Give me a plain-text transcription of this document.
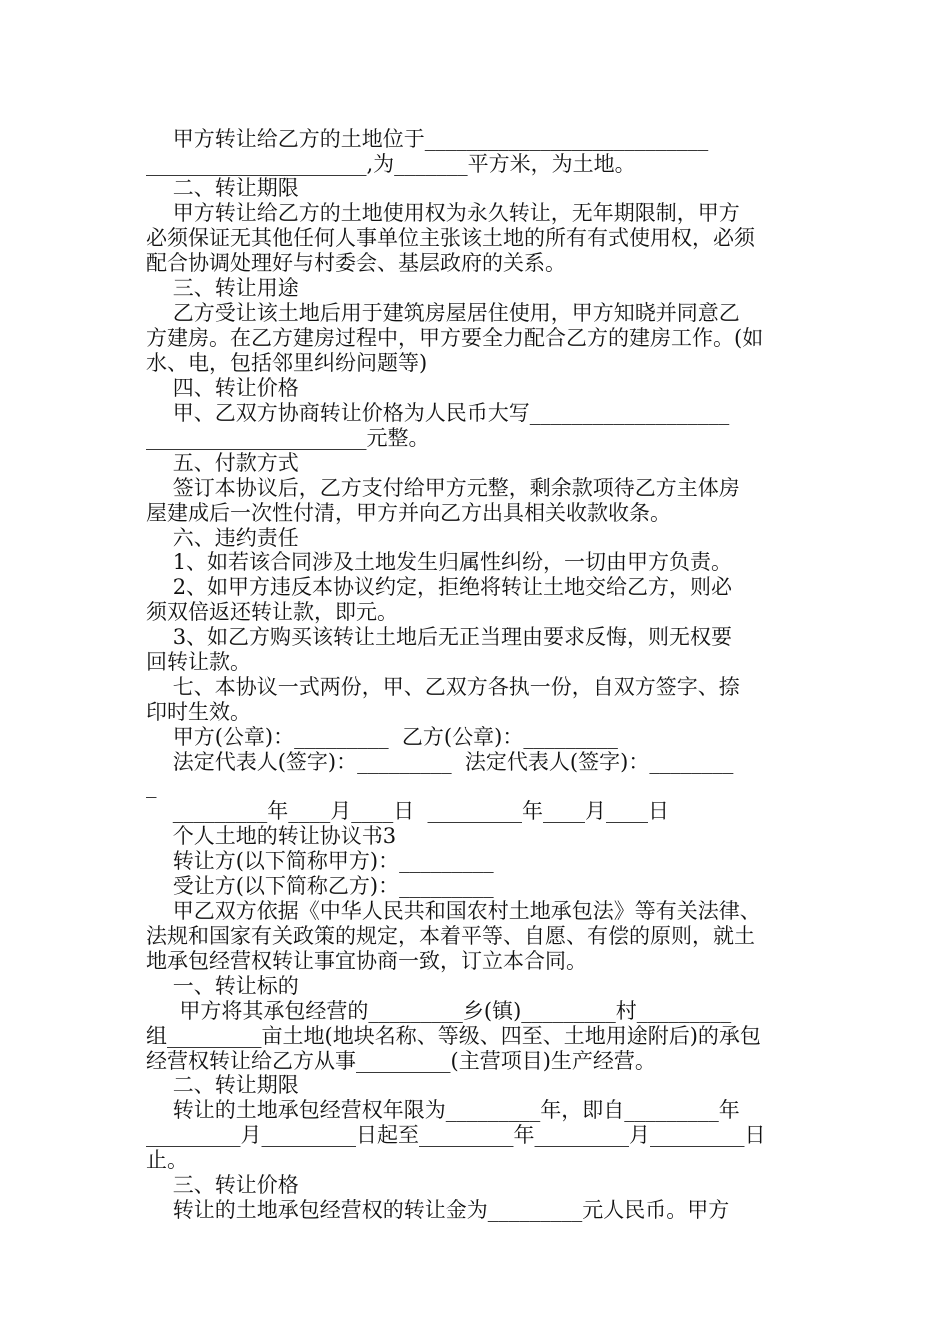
甲方转让给乙方的土地位于___________________________
_____________________,为_______平方米，为土地。
二、转让期限
甲方转让给乙方的土地使用权为永久转让，无年期限制，甲方
必须保证无其他任何人事单位主张该土地的所有有式使用权，必须
配合协调处理好与村委会、基层政府的关系。
三、转让用途
乙方受让该土地后用于建筑房屋居住使用，甲方知晓并同意乙
方建房。在乙方建房过程中，甲方要全力配合乙方的建房工作。(如
水、电，包括邻里纠纷问题等)
四、转让价格
甲、乙双方协商转让价格为人民币大写___________________
_____________________元整。
五、付款方式
签订本协议后，乙方支付给甲方元整，剩余款项待乙方主体房
屋建成后一次性付清，甲方并向乙方出具相关收款收条。
六、违约责任
1、如若该合同涉及土地发生归属性纠纷，一切由甲方负责。
2、如甲方违反本协议约定，拒绝将转让土地交给乙方，则必
须双倍返还转让款，即元。
3、如乙方购买该转让土地后无正当理由要求反悔，则无权要
回转让款。
七、本协议一式两份，甲、乙双方各执一份，自双方签字、捺
印时生效。
甲方(公章)：_________  乙方(公章)：_________
法定代表人(签字)：_________  法定代表人(签字)：________
_
_________年____月____日  _________年____月____日
个人土地的转让协议书3
转让方(以下简称甲方)：_________
受让方(以下简称乙方)：_________
甲乙双方依据《中华人民共和国农村土地承包法》等有关法律、
法规和国家有关政策的规定，本着平等、自愿、有偿的原则，就土
地承包经营权转让事宜协商一致，订立本合同。
一、转让标的
甲方将其承包经营的_________乡(镇)_________村_________
组_________亩土地(地块名称、等级、四至、土地用途附后)的承包
经营权转让给乙方从事_________(主营项目)生产经营。
二、转让期限
转让的土地承包经营权年限为_________年，即自_________年
_________月_________日起至_________年_________月_________日
止。
三、转让价格
转让的土地承包经营权的转让金为_________元人民币。甲方
